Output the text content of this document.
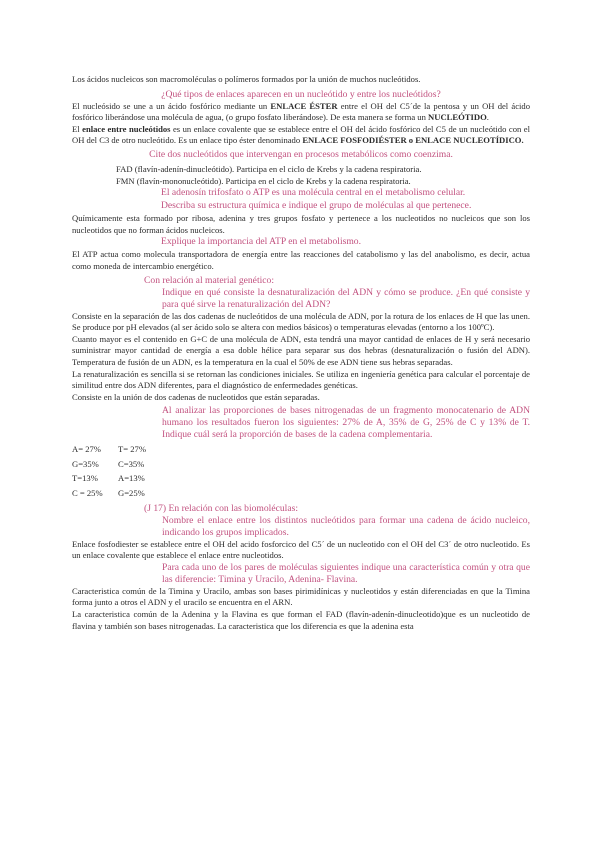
Los ácidos nucleicos son macromoléculas o polímeros formados por la unión de muchos nucleótidos.

¿Qué tipos de enlaces aparecen en un nucleótido y entre los nucleótidos?

El nucleósido se une a un ácido fosfórico mediante un ENLACE ÉSTER entre el OH del C5´de la pentosa y un OH del ácido fosfórico liberándose una molécula de agua, (o grupo fosfato liberándose). De esta manera se forma un NUCLEÓTIDO.

El enlace entre nucleótidos es un enlace covalente que se establece entre el OH del ácido fosfórico del C5 de un nucleótido con el OH del C3 de otro nucleótido. Es un enlace tipo éster denominado ENLACE FOSFODIÉSTER o ENLACE NUCLEOTÍDICO.

Cite dos nucleótidos que intervengan en procesos metabólicos como coenzima.

FAD (flavín-adenín-dinucleótido). Participa en el ciclo de Krebs y la cadena respiratoria.

FMN (flavín-mononucleótido). Participa en el ciclo de Krebs y la cadena respiratoria.

El adenosín trifosfato o ATP es una molécula central en el metabolismo celular.

Describa su estructura química e indique el grupo de moléculas al que pertenece.

Químicamente esta formado por ribosa, adenina y tres grupos fosfato y pertenece a los nucleotidos no nucleicos que son los nucleotidos que no forman ácidos nucleicos.

Explique la importancia del ATP en el metabolismo.

El ATP actua como molecula transportadora de energía entre las reacciones del catabolismo y las del anabolismo, es decir, actua como moneda de intercambio energético.

Con relación al material genético:

Indique en qué consiste la desnaturalización del ADN y cómo se produce. ¿En qué consiste y para qué sirve la renaturalización del ADN?

Consiste en la separación de las dos cadenas de nucleótidos de una molécula de ADN, por la rotura de los enlaces de H que las unen. Se produce por pH elevados (al ser ácido solo se altera con medios básicos) o temperaturas elevadas (entorno a los 100ºC).

Cuanto mayor es el contenido en G+C de una molécula de ADN, esta tendrá una mayor cantidad de enlaces de H y será necesario suministrar mayor cantidad de energía a esa doble hélice para separar sus dos hebras (desnaturalización o fusión del ADN). Temperatura de fusión de un ADN, es la temperatura en la cual el 50% de ese ADN tiene sus hebras separadas.

La renaturalización es sencilla si se retornan las condiciones iniciales. Se utiliza en ingeniería genética para calcular el porcentaje de similitud entre dos ADN diferentes, para el diagnóstico de enfermedades genéticas.

Consiste en la unión de dos cadenas de nucleotidos que están separadas.

Al analizar las proporciones de bases nitrogenadas de un fragmento monocatenario de ADN humano los resultados fueron los siguientes: 27% de A, 35% de G, 25% de C y 13% de T. Indique cuál será la proporción de bases de la cadena complementaria.

A= 27%	T= 27%
G=35%	C=35%
T=13%	A=13%
C = 25%	G=25%

(J 17) En relación con las biomoléculas:

Nombre el enlace entre los distintos nucleótidos para formar una cadena de ácido nucleico, indicando los grupos implicados.

Enlace fosfodiester se establece entre el OH del acido fosforcico del C5´ de un nucleotido con el OH del C3´ de otro nucleotido. Es un enlace covalente que establece el enlace entre nucleotidos.

Para cada uno de los pares de moléculas siguientes indique una característica común y otra que las diferencie: Timina y Uracilo, Adenina- Flavina.

Caracteristica común de la Timina y Uracilo, ambas son bases pirimidínicas y nucleotidos y están diferenciadas en que la Timina forma junto a otros el ADN y el uracilo se encuentra en el ARN.

La caracteristica común de la Adenina y la Flavina es que forman el FAD (flavín-adenín-dinucleotido)que es un nucleotido de flavina y también son bases nitrogenadas. La caracteristica que los diferencia es que la adenina esta
